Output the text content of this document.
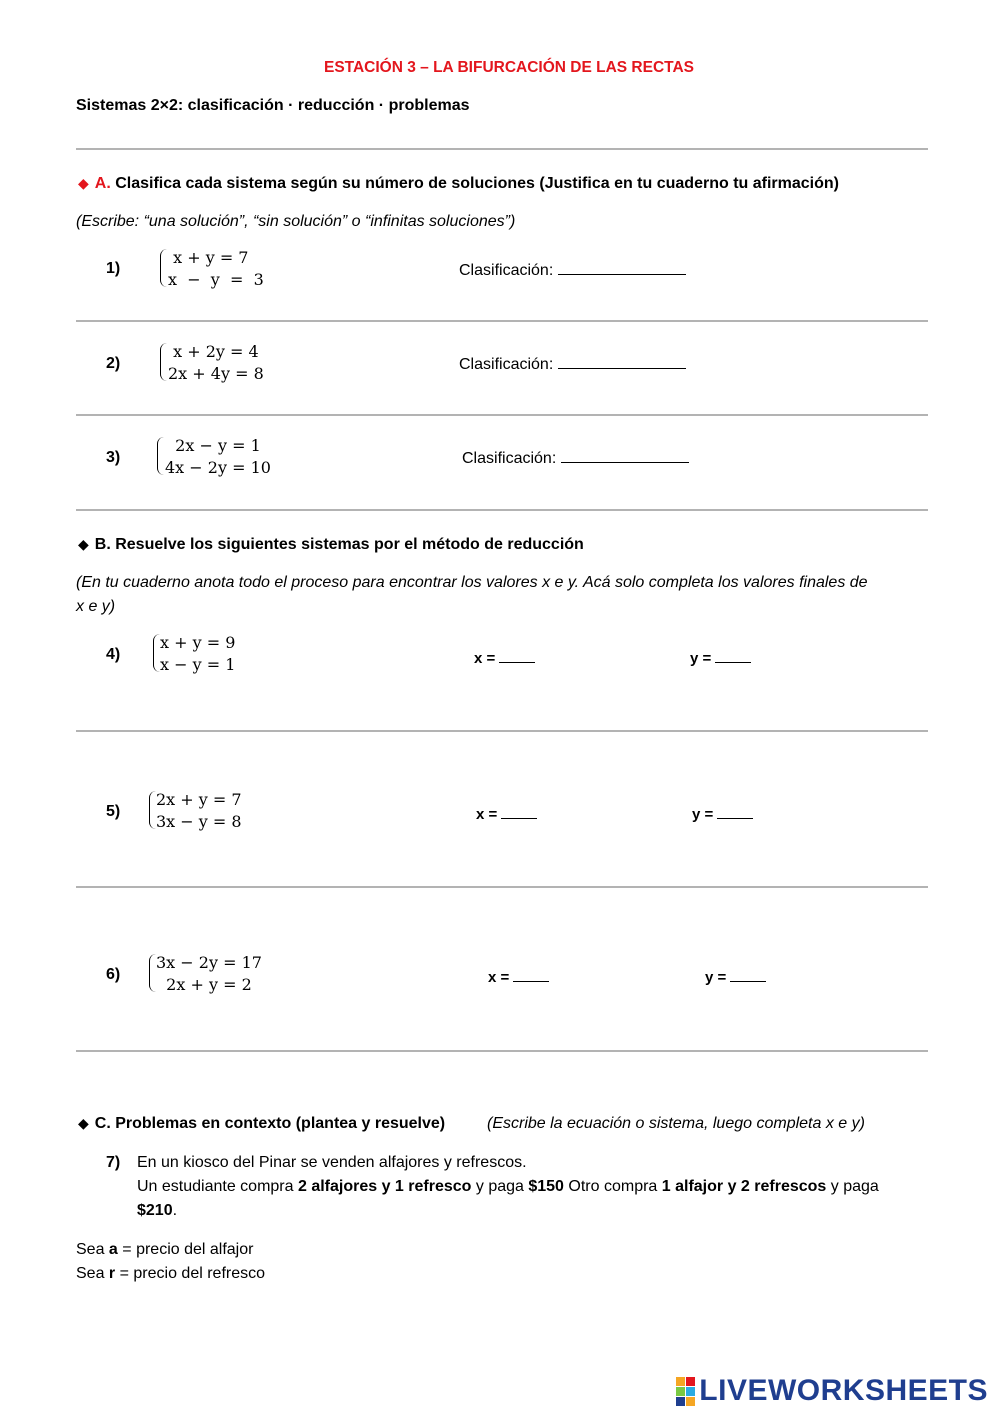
ESTACIÓN 3 – LA BIFURCACIÓN DE LAS RECTAS
Sistemas 2×2: clasificación · reducción · problemas
◆ A. Clasifica cada sistema según su número de soluciones (Justifica en tu cuaderno tu afirmación)
(Escribe: “una solución”, “sin solución” o “infinitas soluciones”)
1)
x + y = 7
x  −  y  =  3	Clasificación:
2)
x + 2y = 4
2x + 4y = 8	Clasificación:
3)
2x − y = 1
4x − 2y = 10	Clasificación:
◆ B. Resuelve los siguientes sistemas por el método de reducción
(En tu cuaderno anota todo el proceso para encontrar los valores x e y. Acá solo completa los valores finales de
x e y)
4)
x + y = 9
x − y = 1	x =	y =
5)
2x + y = 7
3x − y = 8	x =	y =
6)
3x − 2y = 17
2x + y = 2	x =	y =
◆ C. Problemas en contexto (plantea y resuelve)	(Escribe la ecuación o sistema, luego completa x e y)
7) En un kiosco del Pinar se venden alfajores y refrescos.
Un estudiante compra 2 alfajores y 1 refresco y paga $150 Otro compra 1 alfajor y 2 refrescos y paga
$210.
Sea a = precio del alfajor
Sea r = precio del refresco
LIVEWORKSHEETS
